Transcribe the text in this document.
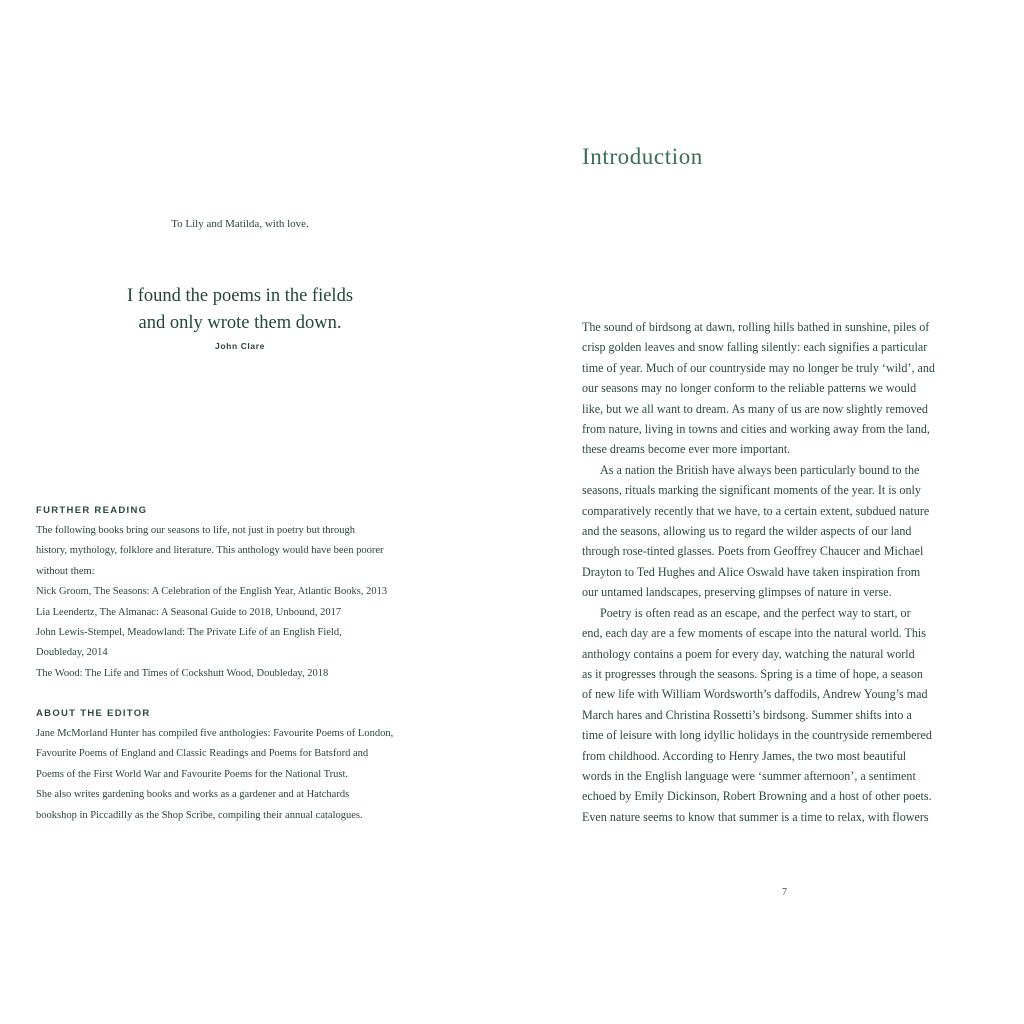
To Lily and Matilda, with love.
I found the poems in the fields
and only wrote them down.
John Clare
FURTHER READING
The following books bring our seasons to life, not just in poetry but through
history, mythology, folklore and literature. This anthology would have been poorer
without them:
Nick Groom, The Seasons: A Celebration of the English Year, Atlantic Books, 2013
Lia Leendertz, The Almanac: A Seasonal Guide to 2018, Unbound, 2017
John Lewis-Stempel, Meadowland: The Private Life of an English Field,
Doubleday, 2014
The Wood: The Life and Times of Cockshutt Wood, Doubleday, 2018
ABOUT THE EDITOR
Jane McMorland Hunter has compiled five anthologies: Favourite Poems of London,
Favourite Poems of England and Classic Readings and Poems for Batsford and
Poems of the First World War and Favourite Poems for the National Trust.
She also writes gardening books and works as a gardener and at Hatchards
bookshop in Piccadilly as the Shop Scribe, compiling their annual catalogues.
Introduction
The sound of birdsong at dawn, rolling hills bathed in sunshine, piles of
crisp golden leaves and snow falling silently: each signifies a particular
time of year. Much of our countryside may no longer be truly ‘wild’, and
our seasons may no longer conform to the reliable patterns we would
like, but we all want to dream. As many of us are now slightly removed
from nature, living in towns and cities and working away from the land,
these dreams become ever more important.
As a nation the British have always been particularly bound to the
seasons, rituals marking the significant moments of the year. It is only
comparatively recently that we have, to a certain extent, subdued nature
and the seasons, allowing us to regard the wilder aspects of our land
through rose-tinted glasses. Poets from Geoffrey Chaucer and Michael
Drayton to Ted Hughes and Alice Oswald have taken inspiration from
our untamed landscapes, preserving glimpses of nature in verse.
Poetry is often read as an escape, and the perfect way to start, or
end, each day are a few moments of escape into the natural world. This
anthology contains a poem for every day, watching the natural world
as it progresses through the seasons. Spring is a time of hope, a season
of new life with William Wordsworth’s daffodils, Andrew Young’s mad
March hares and Christina Rossetti’s birdsong. Summer shifts into a
time of leisure with long idyllic holidays in the countryside remembered
from childhood. According to Henry James, the two most beautiful
words in the English language were ‘summer afternoon’, a sentiment
echoed by Emily Dickinson, Robert Browning and a host of other poets.
Even nature seems to know that summer is a time to relax, with flowers
7
